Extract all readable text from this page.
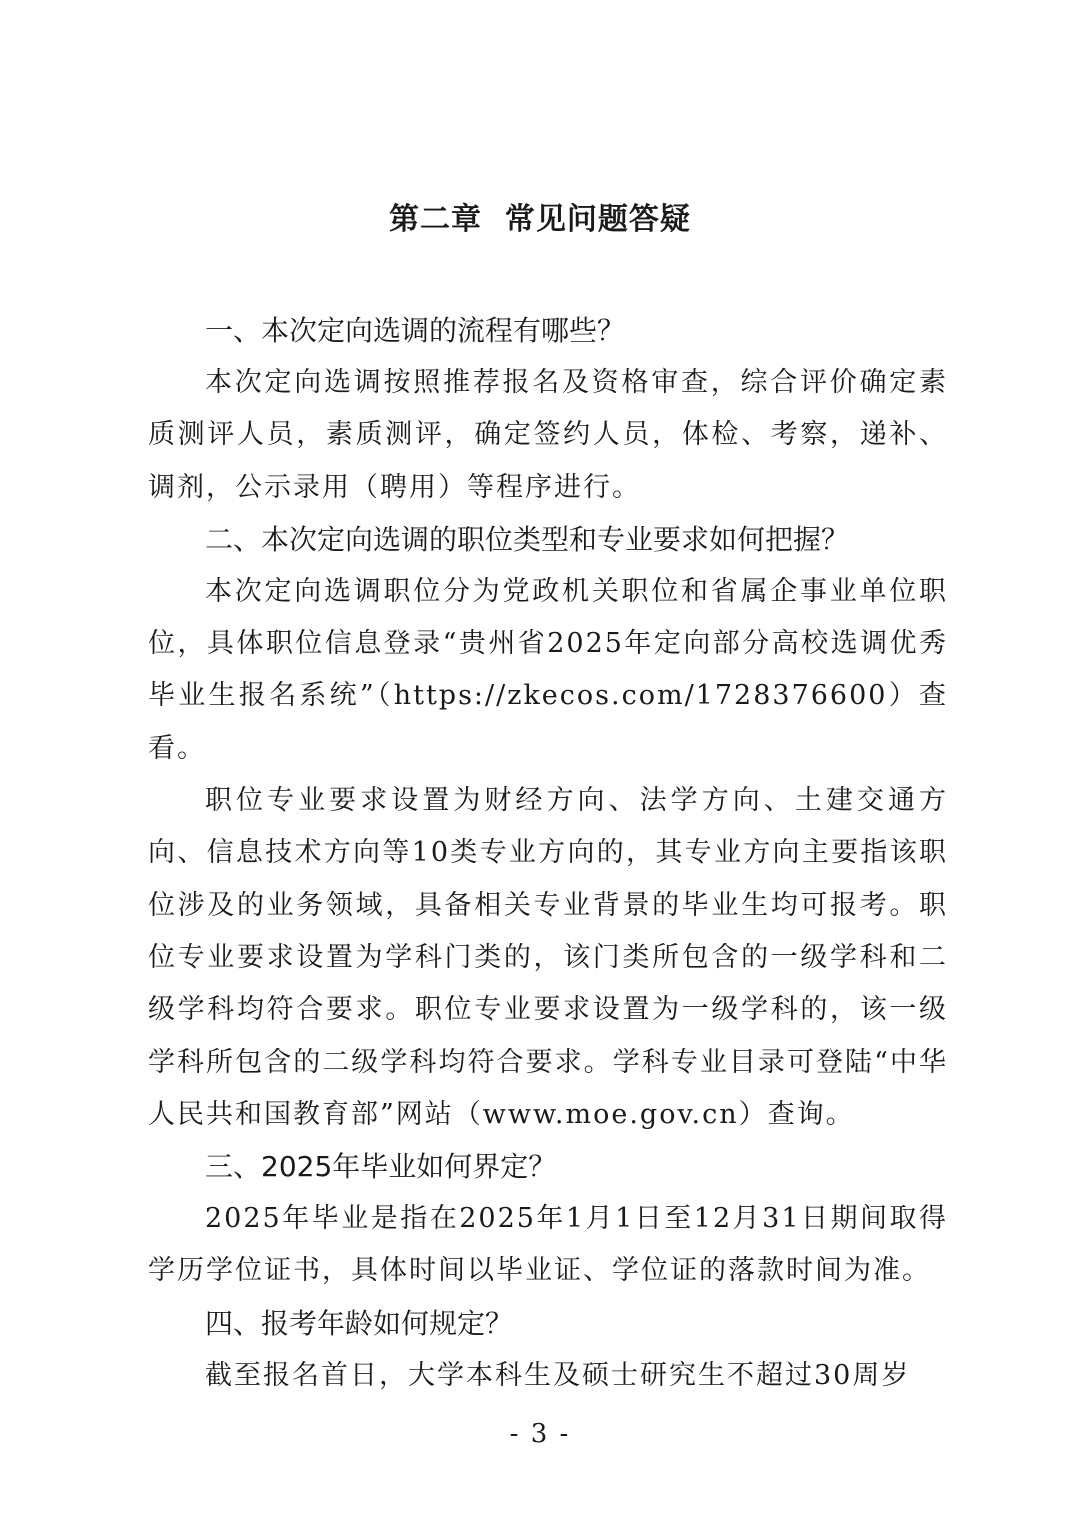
第二章  常见问题答疑

一、本次定向选调的流程有哪些？

本次定向选调按照推荐报名及资格审查，综合评价确定素质测评人员，素质测评，确定签约人员，体检、考察，递补、调剂，公示录用（聘用）等程序进行。

二、本次定向选调的职位类型和专业要求如何把握？

本次定向选调职位分为党政机关职位和省属企事业单位职位，具体职位信息登录“贵州省2025年定向部分高校选调优秀毕业生报名系统”（https://zkecos.com/1728376600）查看。

职位专业要求设置为财经方向、法学方向、土建交通方向、信息技术方向等10类专业方向的，其专业方向主要指该职位涉及的业务领域，具备相关专业背景的毕业生均可报考。职位专业要求设置为学科门类的，该门类所包含的一级学科和二级学科均符合要求。职位专业要求设置为一级学科的，该一级学科所包含的二级学科均符合要求。学科专业目录可登陆“中华人民共和国教育部”网站（www.moe.gov.cn）查询。

三、2025年毕业如何界定？

2025年毕业是指在2025年1月1日至12月31日期间取得学历学位证书，具体时间以毕业证、学位证的落款时间为准。

四、报考年龄如何规定？

截至报名首日，大学本科生及硕士研究生不超过30周岁

- 3 -
